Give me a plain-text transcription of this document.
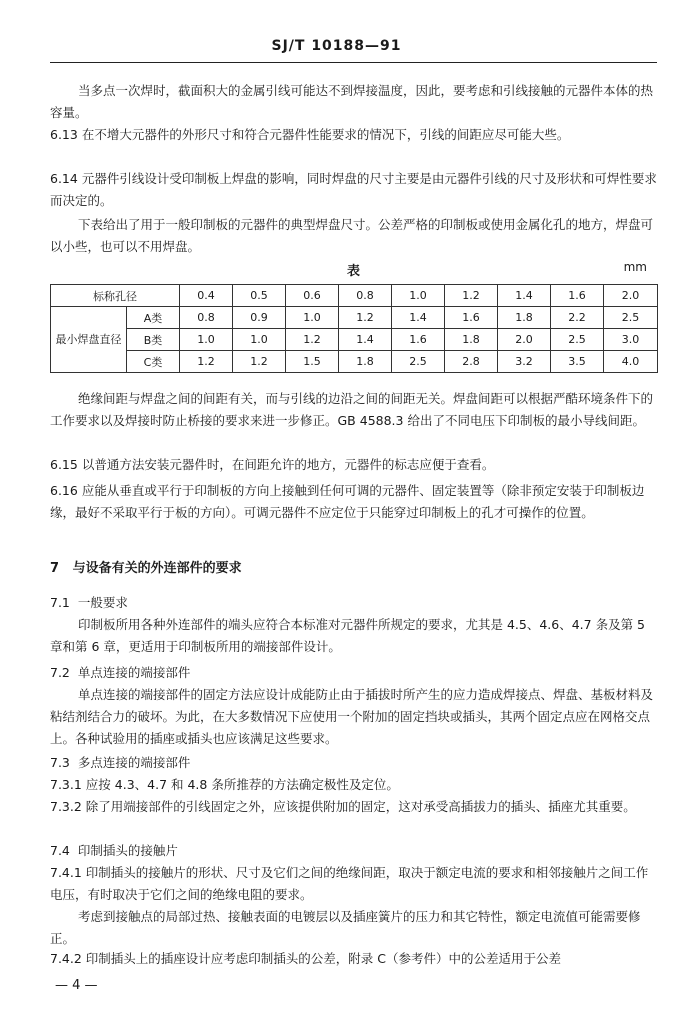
SJ/T 10188—91

当多点一次焊时，截面积大的金属引线可能达不到焊接温度，因此，要考虑和引线接触的元器件本体的热容量。

6.13 在不增大元器件的外形尺寸和符合元器件性能要求的情况下，引线的间距应尽可能大些。

6.14 元器件引线设计受印制板上焊盘的影响，同时焊盘的尺寸主要是由元器件引线的尺寸及形状和可焊性要求而决定的。

下表给出了用于一般印制板的元器件的典型焊盘尺寸。公差严格的印制板或使用金属化孔的地方，焊盘可以小些，也可以不用焊盘。

表	mm
标称孔径		0.4	0.5	0.6	0.8	1.0	1.2	1.4	1.6	2.0
最小焊盘直径	A类	0.8	0.9	1.0	1.2	1.4	1.6	1.8	2.2	2.5
	B类	1.0	1.0	1.2	1.4	1.6	1.8	2.0	2.5	3.0
	C类	1.2	1.2	1.5	1.8	2.5	2.8	3.2	3.5	4.0

绝缘间距与焊盘之间的间距有关，而与引线的边沿之间的间距无关。焊盘间距可以根据严酷环境条件下的工作要求以及焊接时防止桥接的要求来进一步修正。GB 4588.3 给出了不同电压下印制板的最小导线间距。

6.15 以普通方法安装元器件时，在间距允许的地方，元器件的标志应便于查看。

6.16 应能从垂直或平行于印制板的方向上接触到任何可调的元器件、固定装置等（除非预定安装于印制板边缘，最好不采取平行于板的方向）。可调元器件不应定位于只能穿过印制板上的孔才可操作的位置。

7 与设备有关的外连部件的要求

7.1 一般要求

印制板所用各种外连部件的端头应符合本标准对元器件所规定的要求，尤其是 4.5、4.6、4.7 条及第 5 章和第 6 章，更适用于印制板所用的端接部件设计。

7.2 单点连接的端接部件

单点连接的端接部件的固定方法应设计成能防止由于插拔时所产生的应力造成焊接点、焊盘、基板材料及粘结剂结合力的破坏。为此，在大多数情况下应使用一个附加的固定挡块或插头，其两个固定点应在网格交点上。各种试验用的插座或插头也应该满足这些要求。

7.3 多点连接的端接部件

7.3.1 应按 4.3、4.7 和 4.8 条所推荐的方法确定极性及定位。

7.3.2 除了用端接部件的引线固定之外，应该提供附加的固定，这对承受高插拔力的插头、插座尤其重要。

7.4 印制插头的接触片

7.4.1 印制插头的接触片的形状、尺寸及它们之间的绝缘间距，取决于额定电流的要求和相邻接触片之间工作电压，有时取决于它们之间的绝缘电阻的要求。

考虑到接触点的局部过热、接触表面的电镀层以及插座簧片的压力和其它特性，额定电流值可能需要修正。

7.4.2 印制插头上的插座设计应考虑印制插头的公差，附录 C（参考件）中的公差适用于公差

— 4 —
